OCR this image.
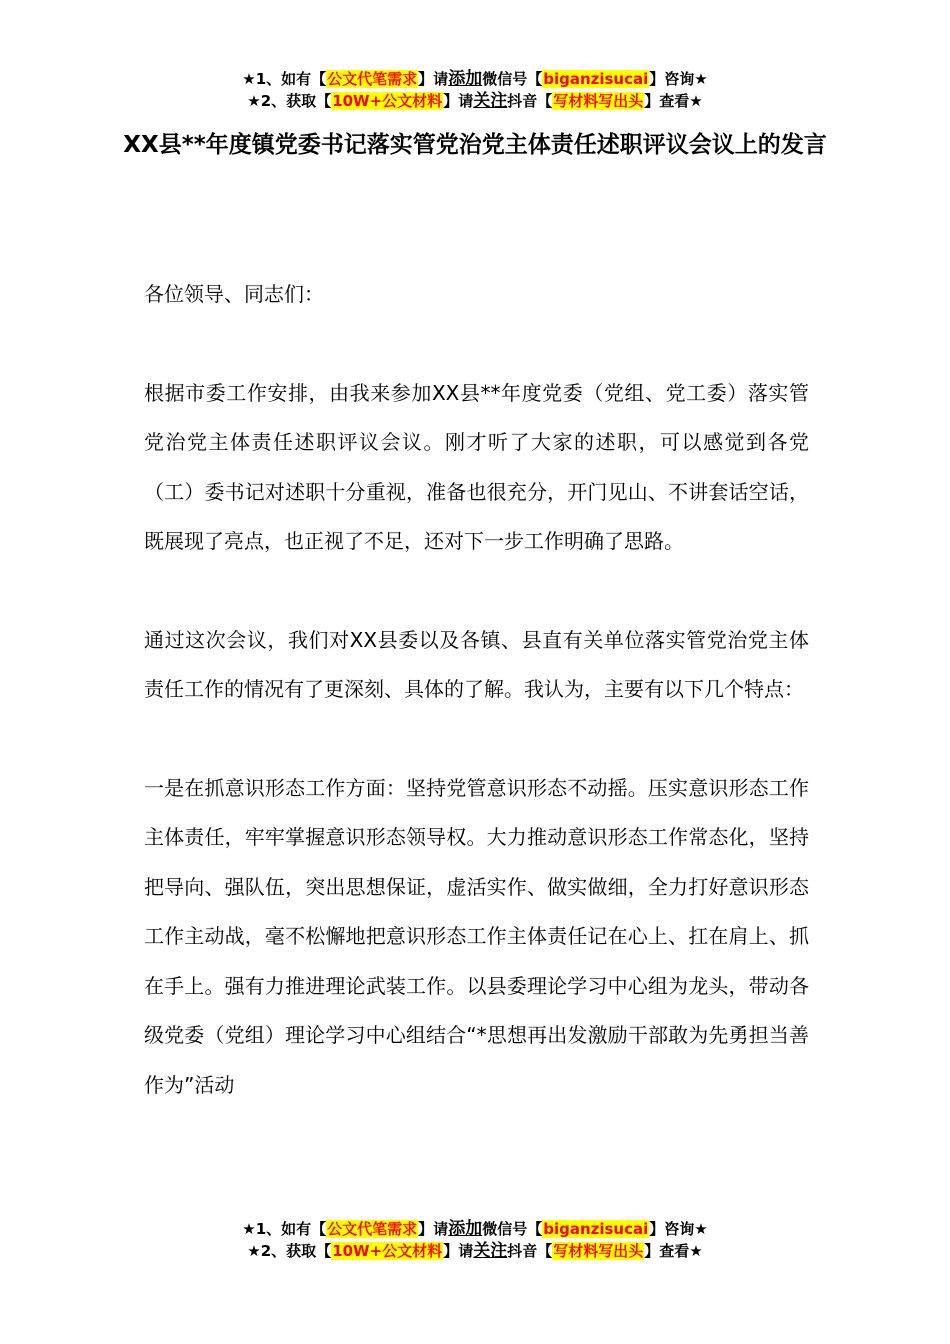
★1、如有【公文代笔需求】请添加微信号【biganzisucai】咨询★
★2、获取【10W+公文材料】请关注抖音【写材料写出头】查看★
XX县**年度镇党委书记落实管党治党主体责任述职评议会议上的发言

各位领导、同志们：

根据市委工作安排，由我来参加XX县**年度党委（党组、党工委）落实管党治党主体责任述职评议会议。刚才听了大家的述职，可以感觉到各党（工）委书记对述职十分重视，准备也很充分，开门见山、不讲套话空话，既展现了亮点，也正视了不足，还对下一步工作明确了思路。

通过这次会议，我们对XX县委以及各镇、县直有关单位落实管党治党主体责任工作的情况有了更深刻、具体的了解。我认为，主要有以下几个特点：

一是在抓意识形态工作方面：坚持党管意识形态不动摇。压实意识形态工作主体责任，牢牢掌握意识形态领导权。大力推动意识形态工作常态化，坚持把导向、强队伍，突出思想保证，虚活实作、做实做细，全力打好意识形态工作主动战，毫不松懈地把意识形态工作主体责任记在心上、扛在肩上、抓在手上。强有力推进理论武装工作。以县委理论学习中心组为龙头，带动各级党委（党组）理论学习中心组结合“*思想再出发激励干部敢为先勇担当善作为”活动

★1、如有【公文代笔需求】请添加微信号【biganzisucai】咨询★
★2、获取【10W+公文材料】请关注抖音【写材料写出头】查看★
